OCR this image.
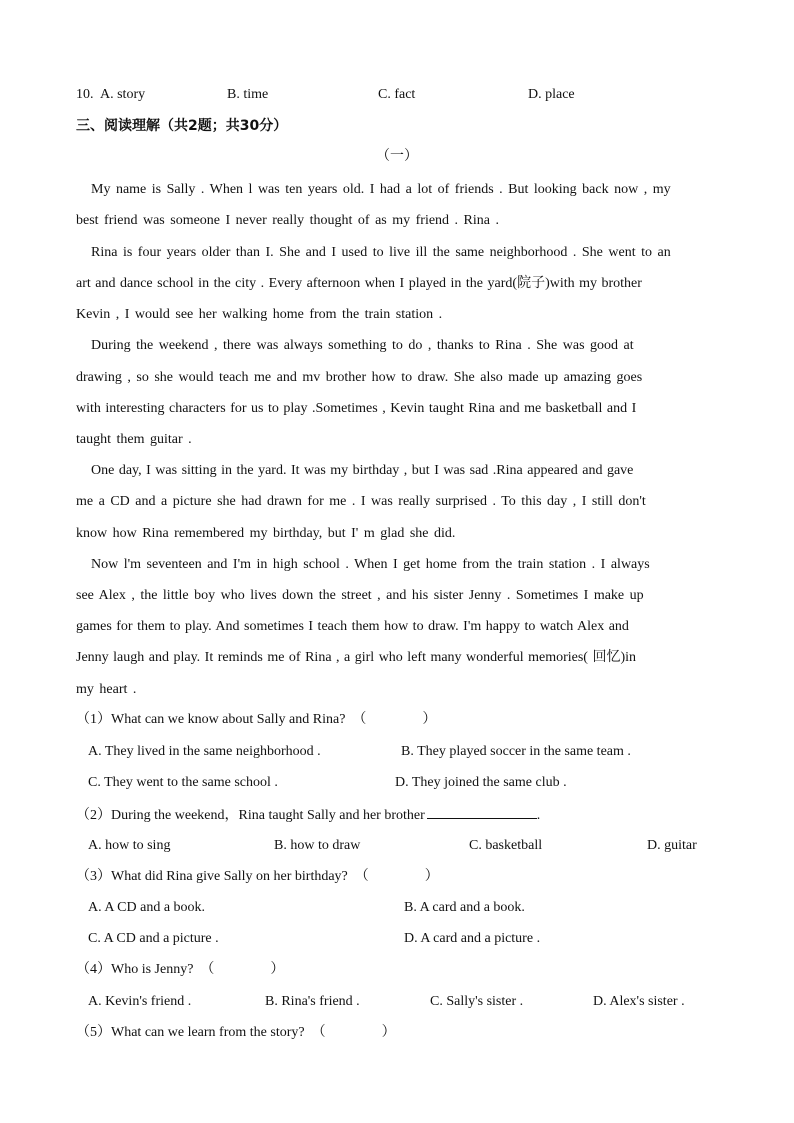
10. A. story	B. time	C. fact	D. place
三、阅读理解（共2题；共30分）
（一）
My name is Sally . When l was ten years old. I had a lot of friends . But looking back now , my
best friend was someone I never really thought of as my friend . Rina .
Rina is four years older than I. She and I used to live ill the same neighborhood . She went to an
art and dance school in the city . Every afternoon when I played in the yard(院子)with my brother
Kevin , I would see her walking home from the train station .
During the weekend , there was always something to do , thanks to Rina . She was good at
drawing , so she would teach me and mv brother how to draw. She also made up amazing goes
with interesting characters for us to play .Sometimes , Kevin taught Rina and me basketball and I
taught them guitar .
One day, I was sitting in the yard. It was my birthday , but I was sad .Rina appeared and gave
me a CD and a picture she had drawn for me . I was really surprised . To this day , I still don't
know how Rina remembered my birthday, but I' m glad she did.
Now l'm seventeen and I'm in high school . When I get home from the train station . I always
see Alex , the little boy who lives down the street , and his sister Jenny . Sometimes I make up
games for them to play. And sometimes I teach them how to draw. I'm happy to watch Alex and
Jenny laugh and play. It reminds me of Rina , a girl who left many wonderful memories( 回忆)in
my heart .
（1）What can we know about Sally and Rina?　（　　　　）
A. They lived in the same neighborhood .	B. They played soccer in the same team .
C. They went to the same school .	D. They joined the same club .
（2）During the weekend，Rina taught Sally and her brother	.
A. how to sing	B. how to draw	C. basketball	D. guitar
（3）What did Rina give Sally on her birthday?　（　　　　）
A. A CD and a book.	B. A card and a book.
C. A CD and a picture .	D. A card and a picture .
（4）Who is Jenny?　（　　　　）
A. Kevin's friend .	B. Rina's friend .	C. Sally's sister .	D. Alex's sister .
（5）What can we learn from the story?　（　　　　）
